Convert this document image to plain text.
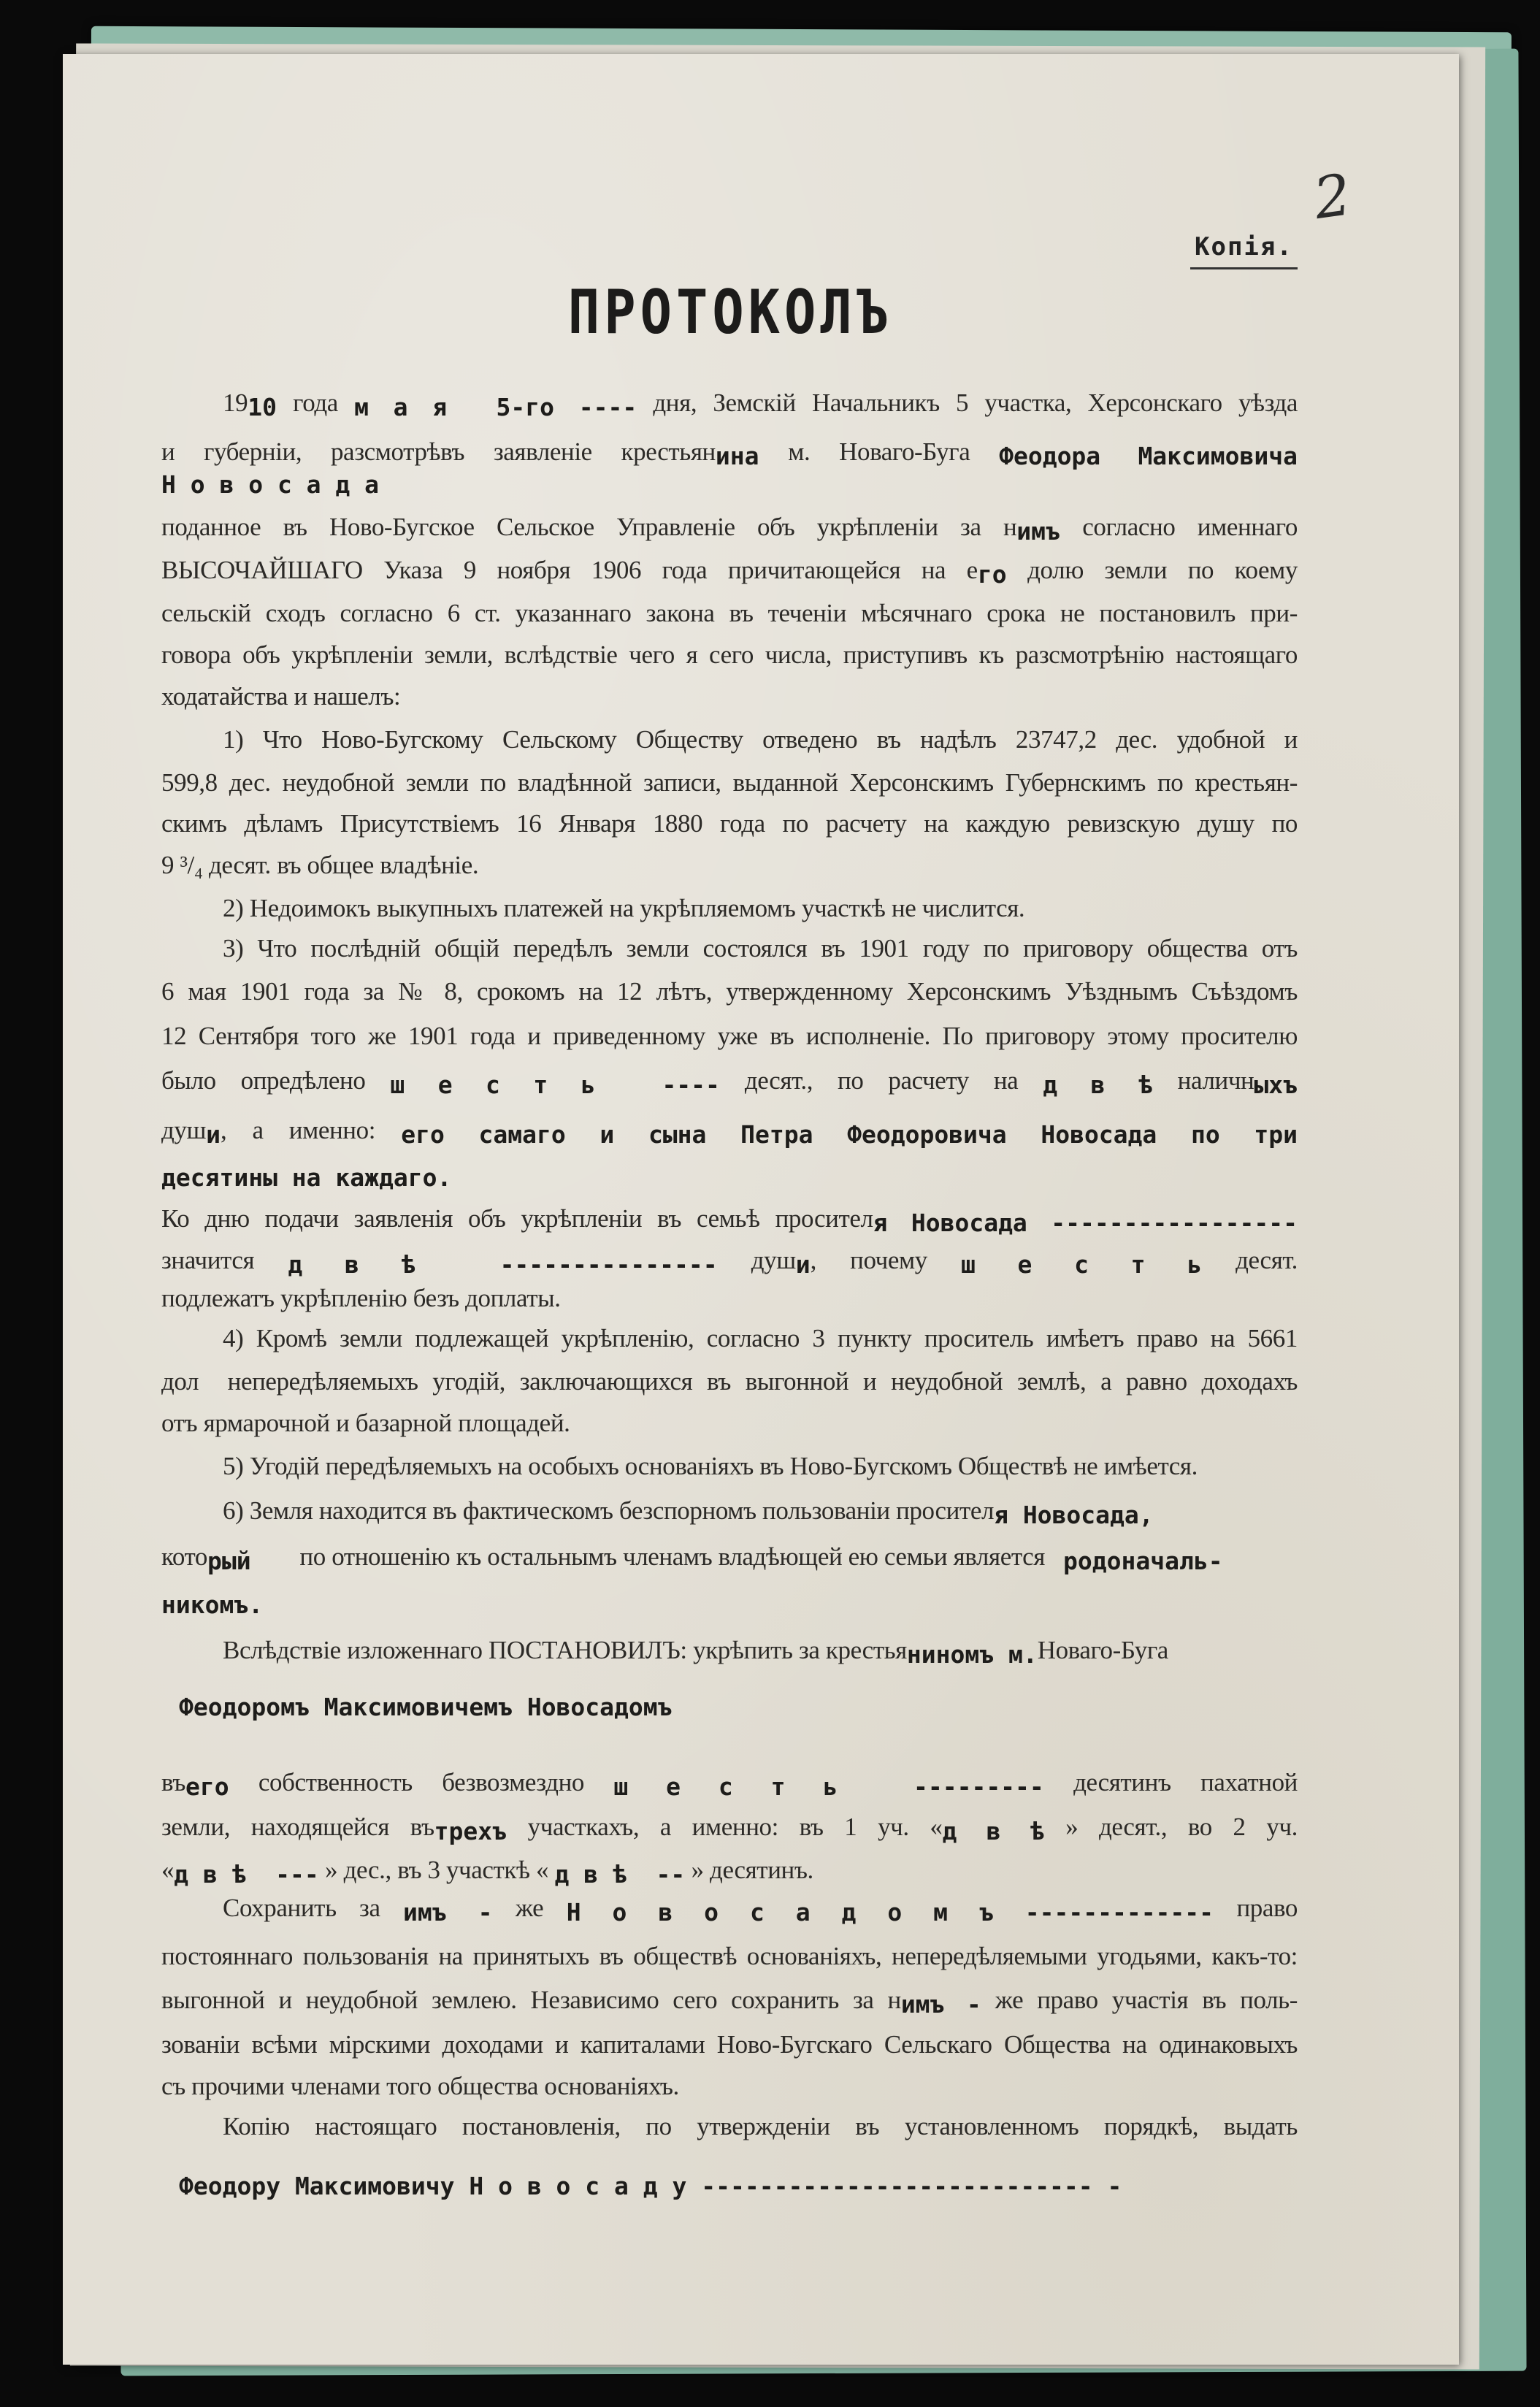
2
Копія.
ПРОТОКОЛЪ
1910 года м а я  5-го ---- дня, Земскій Начальникъ 5 участка, Херсонскаго уѣзда
и губерніи, разсмотрѣвъ заявленіе крестьянина м. Новаго-Буга Феодора Максимовича
Н о в о с а д а
поданное въ Ново-Бугское Сельское Управленіе объ укрѣпленіи за нимъ согласно именнаго
ВЫСОЧАЙШАГО Указа 9 ноября 1906 года причитающейся на его долю земли по коему
сельскій сходъ согласно 6 ст. указаннаго закона въ теченіи мѣсячнаго срока не постановилъ при-
говора объ укрѣпленіи земли, вслѣдствіе чего я сего числа, приступивъ къ разсмотрѣнію настоящаго
ходатайства и нашелъ:
1) Что Ново-Бугскому Сельскому Обществу отведено въ надѣлъ 23747,2 дес. удобной и
599,8 дес. неудобной земли по владѣнной записи, выданной Херсонскимъ Губернскимъ по крестьян-
скимъ дѣламъ Присутствіемъ 16 Января 1880 года по расчету на каждую ревизскую душу по
9 ³/₄ десят. въ общее владѣніе.
2) Недоимокъ выкупныхъ платежей на укрѣпляемомъ участкѣ не числится.
3) Что послѣдній общій передѣлъ земли состоялся въ 1901 году по приговору общества отъ
6 мая 1901 года за № 8, срокомъ на 12 лѣтъ, утвержденному Херсонскимъ Уѣзднымъ Съѣздомъ
12 Сентября того же 1901 года и приведенному уже въ исполненіе. По приговору этому просителю
было опредѣлено ш е с т ь  ---- десят., по расчету на д в ѣ наличныхъ
души, а именно: его самаго и сына Петра Феодоровича Новосада по три
десятины на каждаго.
Ко дню подачи заявленія объ укрѣпленіи въ семьѣ просителя Новосада -----------------
значится д в ѣ  --------------- души, почему ш е с т ь десят.
подлежатъ укрѣпленію безъ доплаты.
4) Кромѣ земли подлежащей укрѣпленію, согласно 3 пункту проситель имѣетъ право на 5661
дол  непередѣляемыхъ угодій, заключающихся въ выгонной и неудобной землѣ, а равно доходахъ
отъ ярмарочной и базарной площадей.
5) Угодій передѣляемыхъ на особыхъ основаніяхъ въ Ново-Бугскомъ Обществѣ не имѣется.
6) Земля находится въ фактическомъ безспорномъ пользованіи просителя Новосада,
который        по отношенію къ остальнымъ членамъ владѣющей ею семьи является   родоначаль-
никомъ.
Вслѣдствіе изложеннаго ПОСТАНОВИЛЪ: укрѣпить за крестьяниномъ м.Новаго-Буга
Феодоромъ Максимовичемъ Новосадомъ
въего собственность безвозмездно ш е с т ь  --------- десятинъ пахатной
земли, находящейся вътрехъ участкахъ, а именно: въ 1 уч. «д в ѣ » десят., во 2 уч.
«д в ѣ  --- » дес., въ 3 участкѣ « д в ѣ  -- » десятинъ.
Сохранить за имъ - же Н о в о с а д о м ъ ------------- право
постояннаго пользованія на принятыхъ въ обществѣ основаніяхъ, непередѣляемыми угодьями, какъ-то:
выгонной и неудобной землею. Независимо сего сохранить за нимъ - же право участія въ поль-
зованіи всѣми мірскими доходами и капиталами Ново-Бугскаго Сельскаго Общества на одинаковыхъ
съ прочими членами того общества основаніяхъ.
Копію настоящаго постановленія, по утвержденіи въ установленномъ порядкѣ, выдать
Феодору Максимовичу Н о в о с а д у --------------------------- -
